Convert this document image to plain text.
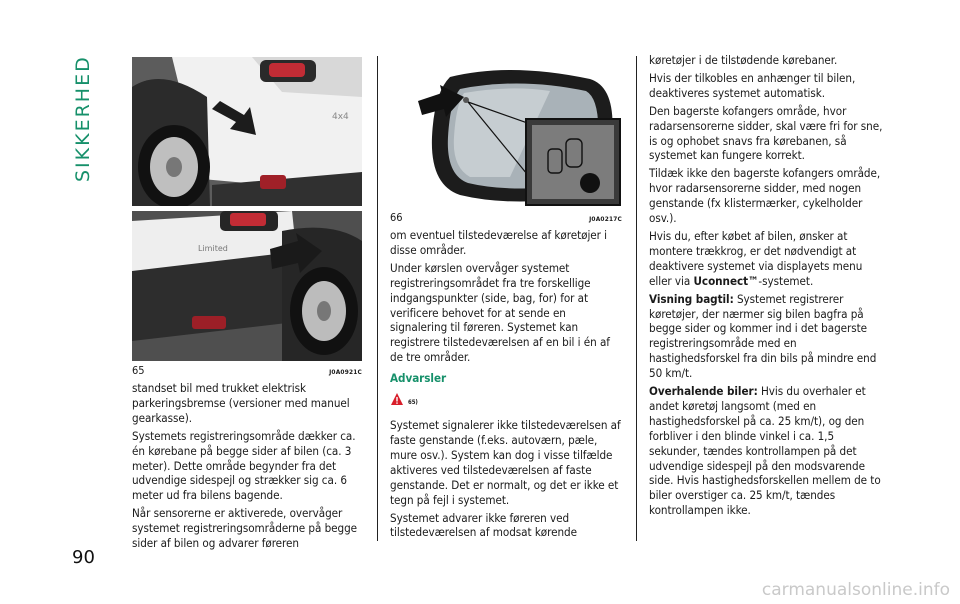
SIKKERHED
90
4x4
Limited
65	J0A0921C

standset bil med trukket elektrisk parkeringsbremse (versioner med manuel gearkasse).

Systemets registreringsområde dækker ca. én kørebane på begge sider af bilen (ca. 3 meter). Dette område begynder fra det udvendige sidespejl og strækker sig ca. 6 meter ud fra bilens bagende.

Når sensorerne er aktiverede, overvåger systemet registreringsområderne på begge sider af bilen og advarer føreren

66	J0A0217C

om eventuel tilstedeværelse af køretøjer i disse områder.

Under kørslen overvåger systemet registreringsområdet fra tre forskellige indgangspunkter (side, bag, for) for at verificere behovet for at sende en signalering til føreren. Systemet kan registrere tilstedeværelsen af en bil i én af de tre områder.

Advarsler
65)

Systemet signalerer ikke tilstedeværelsen af faste genstande (f.eks. autoværn, pæle, mure osv.). System kan dog i visse tilfælde aktiveres ved tilstedeværelsen af faste genstande. Det er normalt, og det er ikke et tegn på fejl i systemet.

Systemet advarer ikke føreren ved tilstedeværelsen af modsat kørende

køretøjer i de tilstødende kørebaner.

Hvis der tilkobles en anhænger til bilen, deaktiveres systemet automatisk.

Den bagerste kofangers område, hvor radarsensorerne sidder, skal være fri for sne, is og ophobet snavs fra kørebanen, så systemet kan fungere korrekt.

Tildæk ikke den bagerste kofangers område, hvor radarsensorerne sidder, med nogen genstande (fx klistermærker, cykelholder osv.).

Hvis du, efter købet af bilen, ønsker at montere trækkrog, er det nødvendigt at deaktivere systemet via displayets menu eller via Uconnect™-systemet.

Visning bagtil: Systemet registrerer køretøjer, der nærmer sig bilen bagfra på begge sider og kommer ind i det bagerste registreringsområde med en hastighedsforskel fra din bils på mindre end 50 km/t.

Overhalende biler: Hvis du overhaler et andet køretøj langsomt (med en hastighedsforskel på ca. 25 km/t), og den forbliver i den blinde vinkel i ca. 1,5 sekunder, tændes kontrollampen på det udvendige sidespejl på den modsvarende side. Hvis hastighedsforskellen mellem de to biler overstiger ca. 25 km/t, tændes kontrollampen ikke.

carmanualsonline.info
